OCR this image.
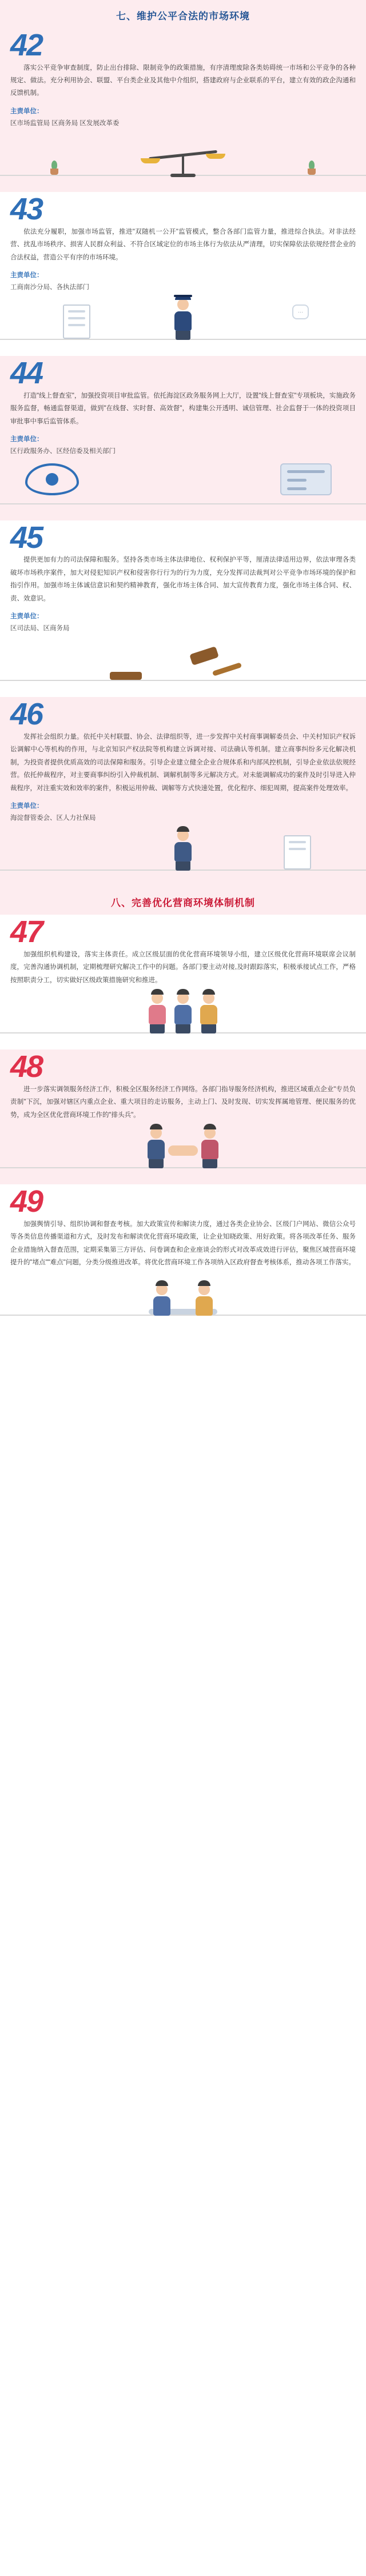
七、维护公平合法的市场环境
42
落实公平竞争审查制度，防止出台排除、限制竞争的政策措施，有序清理废除各类妨碍统一市场和公平竞争的各种规定、做法。充分利用协会、联盟、平台类企业及其他中介组织，搭建政府与企业联系的平台，建立有效的政企沟通和反馈机制。
主责单位：
区市场监管局 区商务局 区发展改革委
43
依法充分履职，加强市场监管，推进"双随机一公开"监管模式，整合各部门监管力量，推进综合执法。对非法经营、扰乱市场秩序、损害人民群众利益、不符合区域定位的市场主体行为依法从严清理，切实保障依法依规经营企业的合法权益，营造公平有序的市场环境。
主责单位：
工商南沙分局、各执法部门
···
44
打造"线上督查室"，加强投资项目审批监管。依托海淀区政务服务网上大厅，设置"线上督查室"专项板块，实施政务服务监督，畅通监督渠道，做到"在线督、实时督、高效督"，构建集公开透明、诚信管理、社会监督于一体的投资项目审批事中事后监管体系。
主责单位：
区行政服务办、区经信委及相关部门
45
提供更加有力的司法保障和服务。坚持各类市场主体法律地位、权利保护平等，厘清法律适用边界，依法审理各类破坏市场秩序案件，加大对侵犯知识产权和侵害你行行为的行为力度，充分发挥司法裁判对公平竞争市场环境的保护和指引作用。加强市场主体诚信意识和契约精神教育，强化市场主体合同、加大宣传教育力度，强化市场主体合同、权、责、效意识。
主责单位：
区司法局、区商务局
46
发挥社会组织力量。依托中关村联盟、协会、法律组织等，进一步发挥中关村商事调解委员会、中关村知识产权诉讼调解中心等机构的作用，与北京知识产权法院等机构建立诉调对接、司法确认等机制。建立商事纠纷多元化解决机制，为投资者提供优质高效的司法保障和服务。引导企业建立健全企业合规体系和内部风控机制，引导企业依法依规经营。依托仲裁程序，对主要商事纠纷引入仲裁机制、调解机制等多元解决方式。对未能调解成功的案件及时引导进入仲裁程序，对注重实效和效率的案件，积极运用仲裁、调解等方式快速处置，优化程序、细犯周期，提高案件处理效率。
主责单位：
海淀督管委会、区人力社保局
八、完善优化营商环境体制机制
47
加强组织机构建设，落实主体责任。成立区级层面的优化营商环境领导小组，建立区级优化营商环境联席会议制度，完善沟通协调机制，定期梳理研究解决工作中的问题。各部门要主动对接,及时跟踪落实，积极承接试点工作，严格按照职责分工，切实做好区级政策措施研究和推进。
48
进一步落实调领服务经济工作，积极全区服务经济工作网络。各部门指导服务经济机构，推进区域重点企业"专员负责制"下沉，加强对辖区内重点企业、重大项目的走访服务，主动上门、及时发现、切实发挥属地管理、便民服务的优势，成为全区优化营商环境工作的"排头兵"。
49
加强舆情引导、组织协调和督查考核。加大政策宣传和解读力度，通过各类企业协会、区级门户网站、微信公众号等各类信息传播渠道和方式，及时发布和解读优化营商环境政策，让企业知晓政策、用好政策。将各项改革任务、服务企业措施纳入督查范围，定期采集第三方评估、问卷调查和企业座谈会的形式对改革成效进行评估，聚焦区域营商环境提升的"堵点""难点"问题，分类分级推进改革。将优化营商环境工作各项纳入区政府督查考核体系，推动各项工作落实。
